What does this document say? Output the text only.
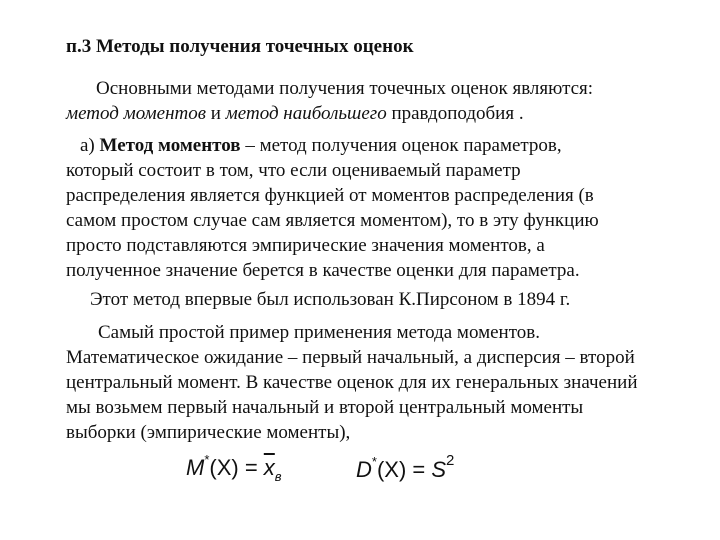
п.3 Методы получения точечных оценок
Основными методами получения точечных оценок являются:
метод моментов и метод наибольшего правдоподобия .
а) Метод моментов – метод получения оценок параметров,
который состоит в том, что если оцениваемый параметр
распределения является функцией от моментов распределения (в
самом простом случае сам является моментом), то в эту функцию
просто подставляются эмпирические значения моментов, а
полученное значение берется в качестве оценки для параметра.
Этот метод впервые был использован К.Пирсоном в 1894 г.
Самый простой пример применения метода моментов.
Математическое ожидание – первый начальный, а дисперсия – второй
центральный момент. В качестве оценок для их генеральных значений
мы возьмем первый начальный и второй центральный моменты
выборки (эмпирические моменты),
$M^*(X) = \overline{x}_в$	$D^*(X) = S^2$
